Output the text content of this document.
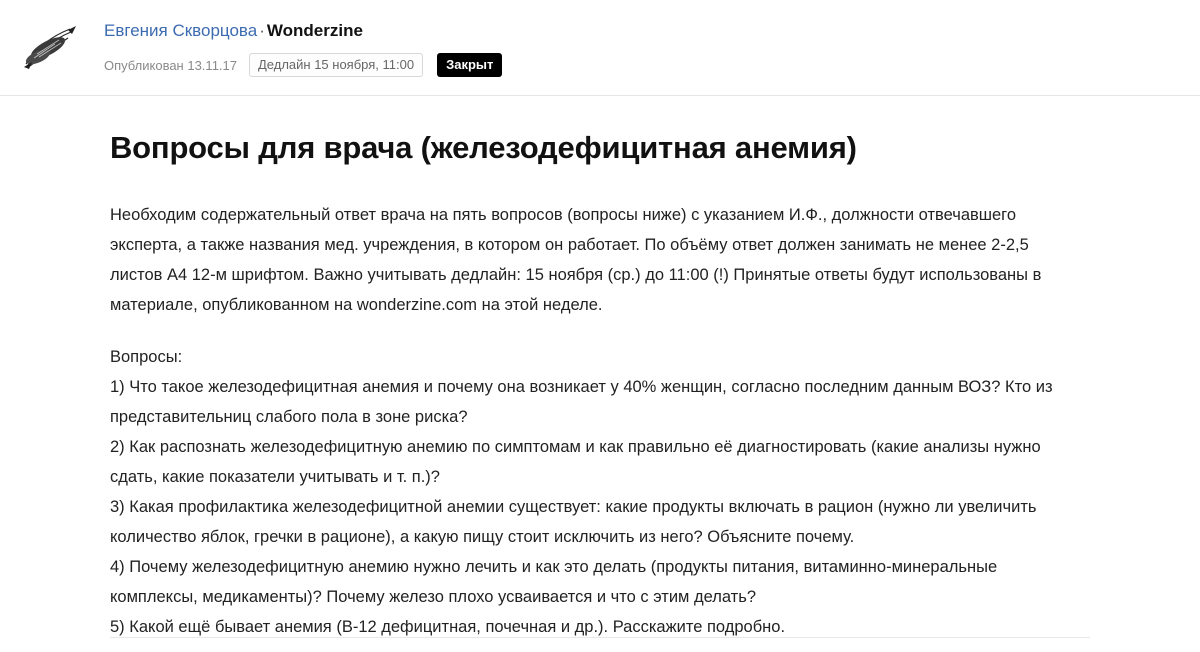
Евгения Скворцова · Wonderzine
Опубликован 13.11.17	Дедлайн 15 ноября, 11:00	Закрыт
Вопросы для врача (железодефицитная анемия)

Необходим содержательный ответ врача на пять вопросов (вопросы ниже) с указанием И.Ф., должности отвечавшего эксперта, а также названия мед. учреждения, в котором он работает. По объёму ответ должен занимать не менее 2-2,5 листов А4 12-м шрифтом. Важно учитывать дедлайн: 15 ноября (ср.) до 11:00 (!) Принятые ответы будут использованы в материале, опубликованном на wonderzine.com на этой неделе.

Вопросы:

1) Что такое железодефицитная анемия и почему она возникает у 40% женщин, согласно последним данным ВОЗ? Кто из представительниц слабого пола в зоне риска?

2) Как распознать железодефицитную анемию по симптомам и как правильно её диагностировать (какие анализы нужно сдать, какие показатели учитывать и т. п.)?

3) Какая профилактика железодефицитной анемии существует: какие продукты включать в рацион (нужно ли увеличить количество яблок, гречки в рационе), а какую пищу стоит исключить из него? Объясните почему.

4) Почему железодефицитную анемию нужно лечить и как это делать (продукты питания, витаминно-минеральные комплексы, медикаменты)? Почему железо плохо усваивается и что с этим делать?

5) Какой ещё бывает анемия (В-12 дефицитная, почечная и др.). Расскажите подробно.
